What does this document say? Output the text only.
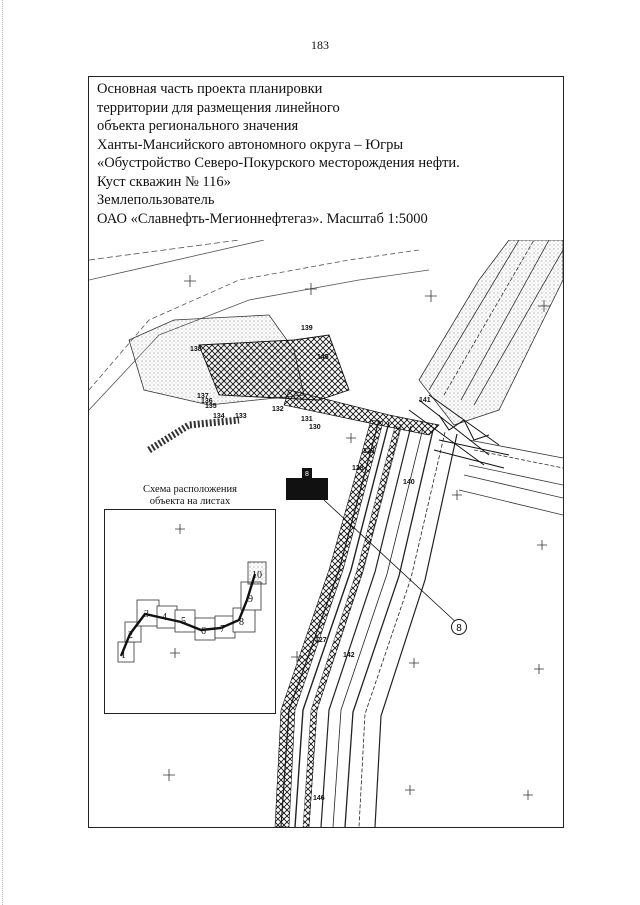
183
Основная часть проекта планировки
территории для размещения линейного
объекта регионального значения
Ханты-Мансийского автономного округа – Югры
«Обустройство Северо-Покурского месторождения нефти.
Куст скважин № 116»
Землепользователь
ОАО «Славнефть-Мегионнефтегаз». Масштаб 1:5000
8
8
139
138
137
136
135
134 133
132
131
130
129
128
127
141
140
142
145
146
Схема расположения
объекта на листах
1
2
3 4 5
6 7
8
9
10
